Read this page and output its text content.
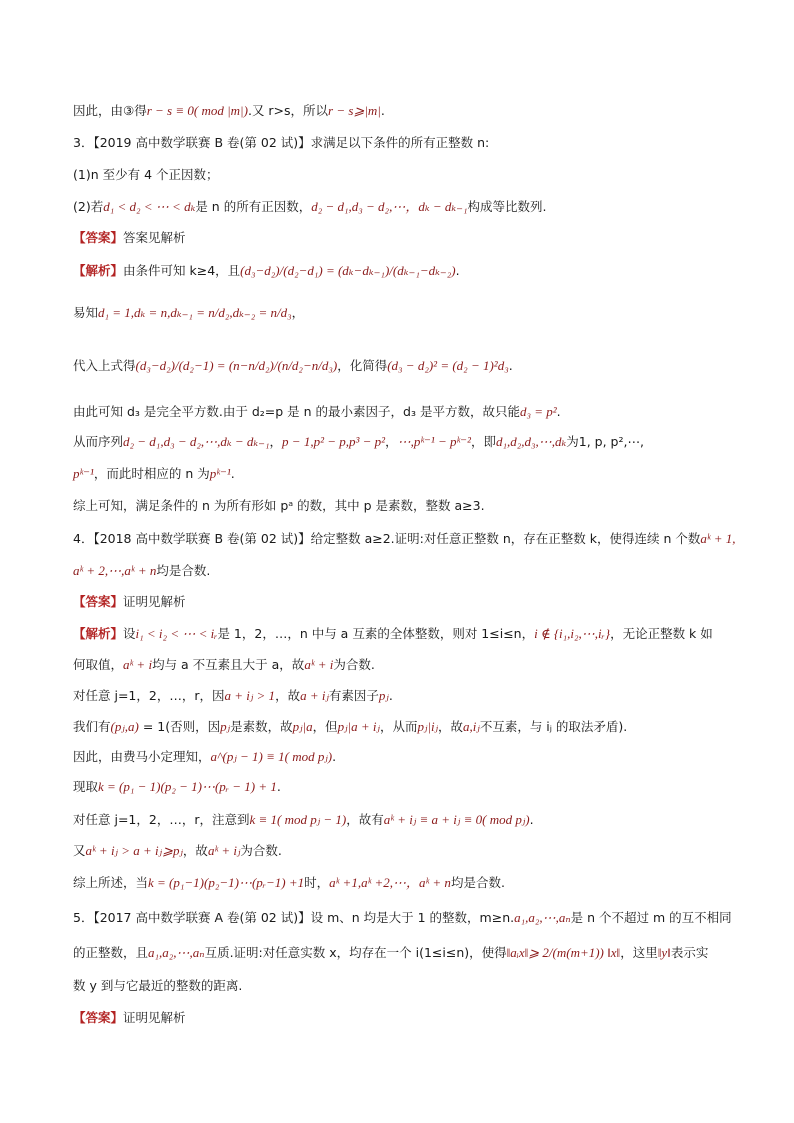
因此，由③得r − s ≡ 0( mod |m|).又 r>s，所以r − s⩾|m|.
3．【2019 高中数学联赛 B 卷(第 02 试)】求满足以下条件的所有正整数 n:
(1)n 至少有 4 个正因数；
(2)若d₁ < d₂ < ⋯ < dₖ是 n 的所有正因数，d₂ − d₁,d₃ − d₂,⋯，dₖ − dₖ₋₁构成等比数列.
【答案】答案见解析
【解析】由条件可知 k≥4，且(d₃−d₂)/(d₂−d₁) = (dₖ−dₖ₋₁)/(dₖ₋₁−dₖ₋₂).
易知d₁ = 1,dₖ = n,dₖ₋₁ = n/d₂,dₖ₋₂ = n/d₃，
代入上式得(d₃−d₂)/(d₂−1) = (n−n/d₂)/(n/d₂−n/d₃)，化简得(d₃ − d₂)² = (d₂ − 1)²d₃.
由此可知 d₃ 是完全平方数.由于 d₂=p 是 n 的最小素因子，d₃ 是平方数，故只能d₃ = p².
从而序列d₂ − d₁,d₃ − d₂,⋯,dₖ − dₖ₋₁，p − 1,p² − p,p³ − p²，⋯,pᵏ⁻¹ − pᵏ⁻²，即d₁,d₂,d₃,⋯,dₖ为1, p, p²,⋯,
pᵏ⁻¹，而此时相应的 n 为pᵏ⁻¹.
综上可知，满足条件的 n 为所有形如 pᵃ 的数，其中 p 是素数，整数 a≥3.
4．【2018 高中数学联赛 B 卷(第 02 试)】给定整数 a≥2.证明:对任意正整数 n，存在正整数 k，使得连续 n 个数aᵏ + 1,
aᵏ + 2,⋯,aᵏ + n均是合数.
【答案】证明见解析
【解析】设i₁ < i₂ < ⋯ < iᵣ是 1，2，…，n 中与 a 互素的全体整数，则对 1≤i≤n，i ∉ {i₁,i₂,⋯,iᵣ}，无论正整数 k 如
何取值，aᵏ + i均与 a 不互素且大于 a，故aᵏ + i为合数.
对任意 j=1，2，…，r，因a + iⱼ > 1，故a + iⱼ有素因子pⱼ.
我们有(pⱼ,a) = 1(否则，因pⱼ是素数，故pⱼ|a，但pⱼ|a + iⱼ，从而pⱼ|iⱼ，故a,iⱼ不互素，与 iⱼ 的取法矛盾).
因此，由费马小定理知，a^(pⱼ − 1) ≡ 1( mod pⱼ).
现取k = (p₁ − 1)(p₂ − 1)⋯(pᵣ − 1) + 1.
对任意 j=1，2，…，r，注意到k ≡ 1( mod pⱼ − 1)，故有aᵏ + iⱼ ≡ a + iⱼ ≡ 0( mod pⱼ).
又aᵏ + iⱼ > a + iⱼ⩾pⱼ，故aᵏ + iⱼ为合数.
综上所述，当k = (p₁−1)(p₂−1)⋯(pᵣ−1) +1时，aᵏ +1,aᵏ +2,⋯，aᵏ + n均是合数.
5．【2017 高中数学联赛 A 卷(第 02 试)】设 m、n 均是大于 1 的整数，m≥n.a₁,a₂,⋯,aₙ是 n 个不超过 m 的互不相同
的正整数，且a₁,a₂,⋯,aₙ互质.证明:对任意实数 x，均存在一个 i(1≤i≤n)，使得‖aᵢx‖⩾ 2/(m(m+1)) ‖x‖，这里‖y‖表示实
数 y 到与它最近的整数的距离.
【答案】证明见解析
